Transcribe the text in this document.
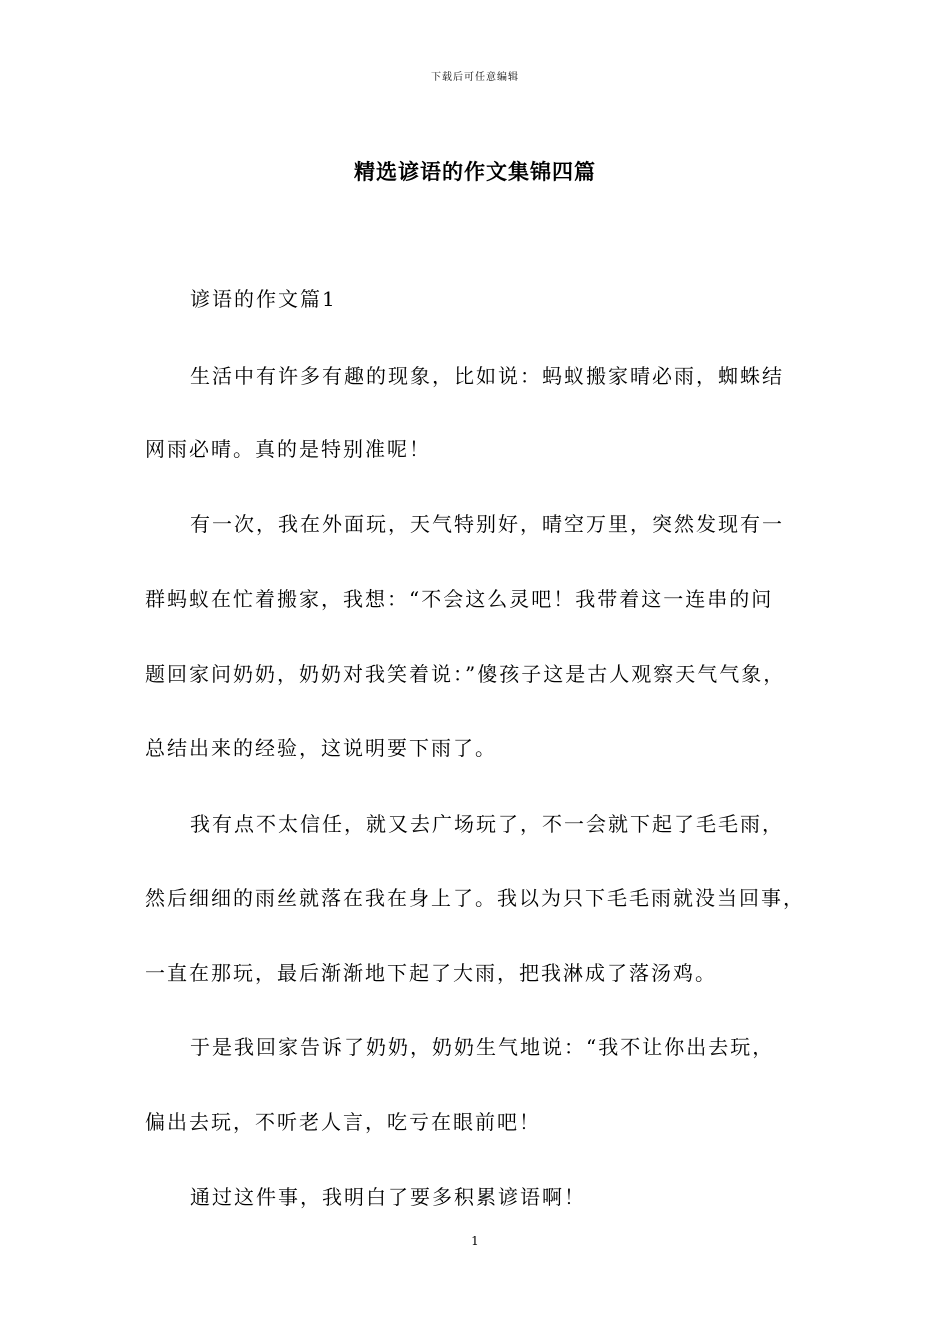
下载后可任意编辑
精选谚语的作文集锦四篇
谚语的作文篇1
生活中有许多有趣的现象，比如说：蚂蚁搬家晴必雨，蜘蛛结
网雨必晴。真的是特别准呢！
有一次，我在外面玩，天气特别好，晴空万里，突然发现有一
群蚂蚁在忙着搬家，我想：“不会这么灵吧！我带着这一连串的问
题回家问奶奶，奶奶对我笑着说：”傻孩子这是古人观察天气气象，
总结出来的经验，这说明要下雨了。
我有点不太信任，就又去广场玩了，不一会就下起了毛毛雨，
然后细细的雨丝就落在我在身上了。我以为只下毛毛雨就没当回事，
一直在那玩，最后渐渐地下起了大雨，把我淋成了落汤鸡。
于是我回家告诉了奶奶，奶奶生气地说：“我不让你出去玩，
偏出去玩，不听老人言，吃亏在眼前吧！
通过这件事，我明白了要多积累谚语啊！
1
